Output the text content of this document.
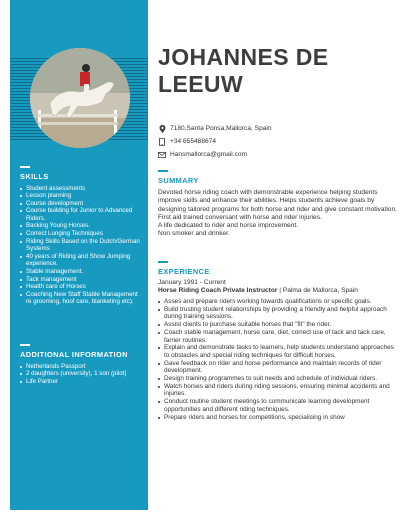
SKILLS
Student assessments
Lesson planning
Course development
Course building for Junior to Advanced Riders.
Backing Young Horses.
Correct Lunging Techniques
Riding Skills Based on the Dutch/German Systems
40 years of Riding and Show Jumping experience.
Stable management.
Tack management
Health care of Horses
Coaching New Staff Stable Management re grooming, hoof care, blanketing etc).
ADDITIONAL INFORMATION
Netherlands Passport
2 daughters (university), 1 son (pilot)
Life Partner
JOHANNES DE LEEUW
7180,Santa Ponsa,Mallorca, Spain
+34 655488674
Hansmallorca@gmail.com
SUMMARY

Devoted horse riding coach with demonstrable experience helping students improve skills and enhance their abilities. Helps students achieve goals by designing tailored programs for both horse and rider and give constant motivation. First aid trained conversant with horse and rider injuries.

A life dedicated to rider and horse improvement.

Non smoker and drinker.

EXPERIENCE
January 1991 - Current
Horse Riding Coach Private Instructor | Palma de Mallorca, Spain
Asses and prepare riders working towards qualifications or specific goals.
Build trusting student relationships by providing a friendly and helpful approach during training sessions.
Assist clients to purchase suitable horses that "fit" the rider.
Coach stable management, horse care, diet, correct use of tack and tack care, farrier routines.
Explain and demonstrate tasks to learners, help students understand approaches to obstacles and special riding techniques for difficult horses.
Gave feedback on rider and horse performance and maintain records of rider development.
Design training programmes to suit needs and schedule of individual riders.
Watch horses and riders during riding sessions, ensuring minimal accidents and injuries.
Conduct routine student meetings to communicate learning development opportunities and different riding techniques.
Prepare riders and horses for competitions, specialising in show
